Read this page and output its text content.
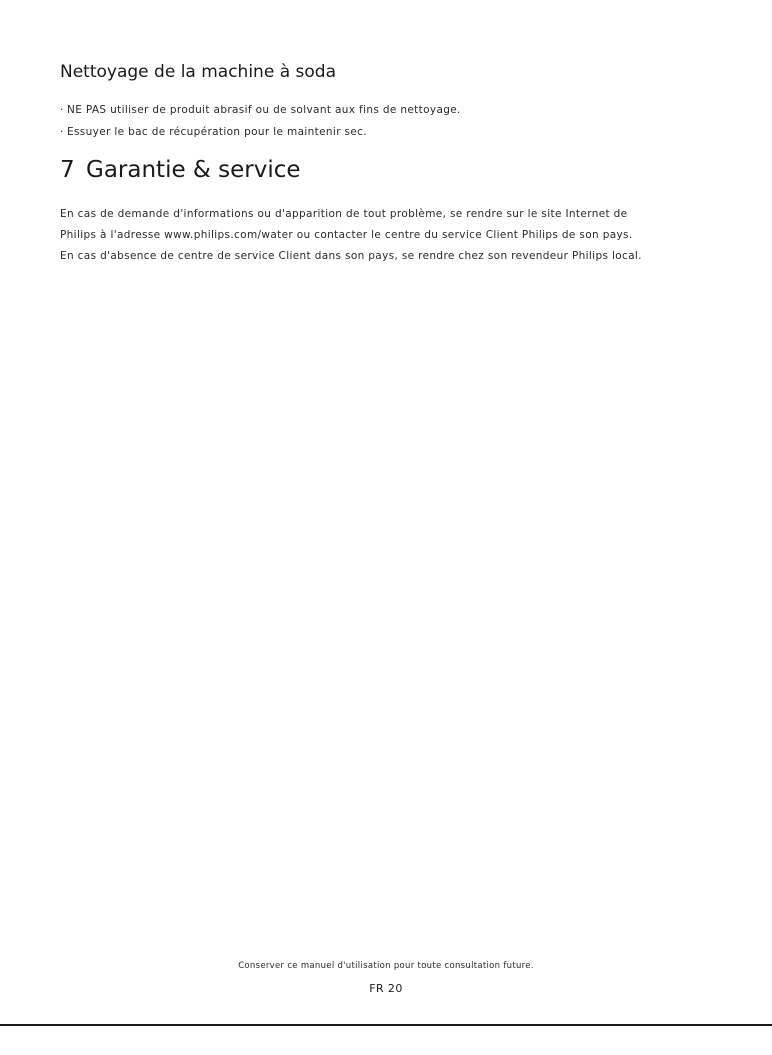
Nettoyage de la machine à soda
· NE PAS utiliser de produit abrasif ou de solvant aux fins de nettoyage.
· Essuyer le bac de récupération pour le maintenir sec.
7 Garantie & service

En cas de demande d'informations ou d'apparition de tout problème, se rendre sur le site Internet de
Philips à l'adresse www.philips.com/water ou contacter le centre du service Client Philips de son pays.
En cas d'absence de centre de service Client dans son pays, se rendre chez son revendeur Philips local.

Conserver ce manuel d'utilisation pour toute consultation future.

FR 20
